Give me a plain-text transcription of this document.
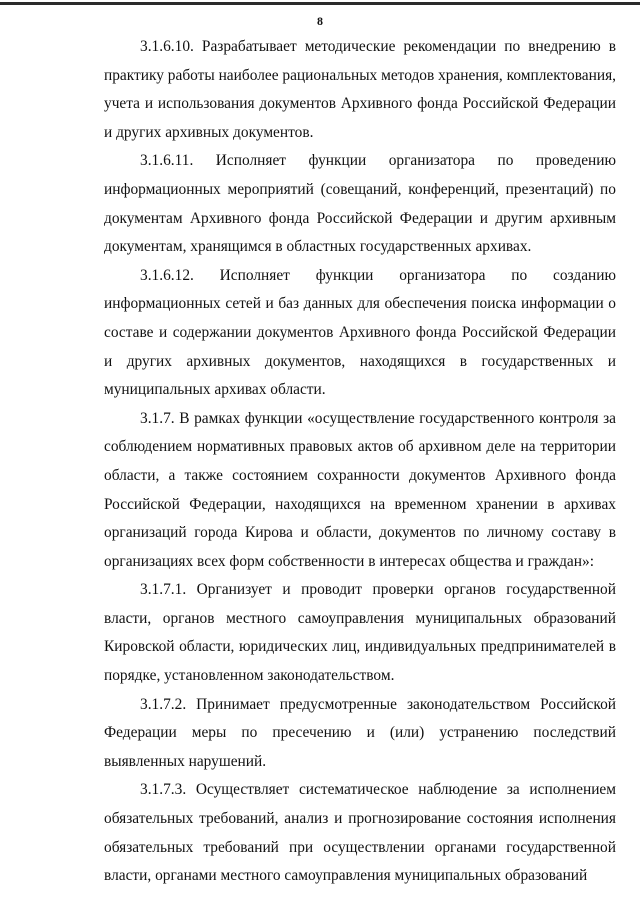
8

3.1.6.10. Разрабатывает методические рекомендации по внедрению в практику работы наиболее рациональных методов хранения, комплектования, учета и использования документов Архивного фонда Российской Федерации и других архивных документов.

3.1.6.11. Исполняет функции организатора по проведению информационных мероприятий (совещаний, конференций, презентаций) по документам Архивного фонда Российской Федерации и другим архивным документам, хранящимся в областных государственных архивах.

3.1.6.12. Исполняет функции организатора по созданию информационных сетей и баз данных для обеспечения поиска информации о составе и содержании документов Архивного фонда Российской Федерации и других архивных документов, находящихся в государственных и муниципальных архивах области.

3.1.7. В рамках функции «осуществление государственного контроля за соблюдением нормативных правовых актов об архивном деле на территории области, а также состоянием сохранности документов Архивного фонда Российской Федерации, находящихся на временном хранении в архивах организаций города Кирова и области, документов по личному составу в организациях всех форм собственности в интересах общества и граждан»:

3.1.7.1. Организует и проводит проверки органов государственной власти, органов местного самоуправления муниципальных образований Кировской области, юридических лиц, индивидуальных предпринимателей в порядке, установленном законодательством.

3.1.7.2. Принимает предусмотренные законодательством Российской Федерации меры по пресечению и (или) устранению последствий выявленных нарушений.

3.1.7.3. Осуществляет систематическое наблюдение за исполнением обязательных требований, анализ и прогнозирование состояния исполнения обязательных требований при осуществлении органами государственной власти, органами местного самоуправления муниципальных образований
